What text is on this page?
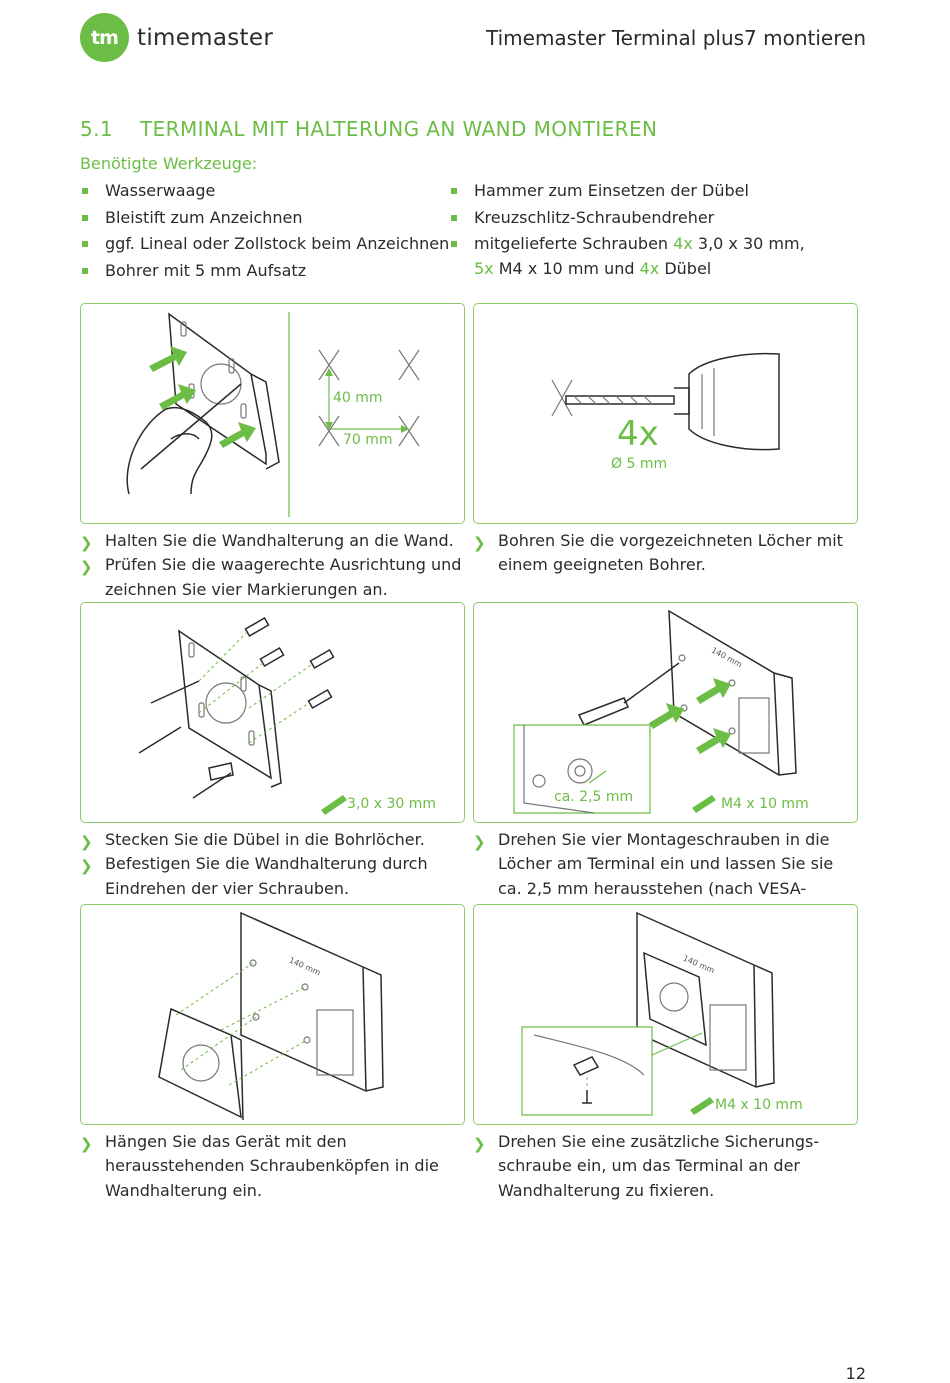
tm timemaster	Timemaster Terminal plus7 montieren
5.1 TERMINAL MIT HALTERUNG AN WAND MONTIEREN
Benötigte Werkzeuge:
Wasserwaage
Bleistift zum Anzeichnen
ggf. Lineal oder Zollstock beim Anzeichnen
Bohrer mit 5 mm Aufsatz
Hammer zum Einsetzen der Dübel
Kreuzschlitz-Schraubendreher
mitgelieferte Schrauben 4x 3,0 x 30 mm,
5x M4 x 10 mm und 4x Dübel
40 mm
70 mm	4x
Ø 5 mm
❯ Halten Sie die Wandhalterung an die Wand.
❯ Prüfen Sie die waagerechte Ausrichtung und zeichnen Sie vier Markierungen an.
❯ Bohren Sie die vorgezeichneten Löcher mit einem geeigneten Bohrer.
3,0 x 30 mm	ca. 2,5 mm	M4 x 10 mm
140 mm
❯ Stecken Sie die Dübel in die Bohrlöcher.
❯ Befestigen Sie die Wandhalterung durch Eindrehen der vier Schrauben.
❯ Drehen Sie vier Montageschrauben in die Löcher am Terminal ein und lassen Sie sie ca. 2,5 mm herausstehen (nach VESA-
140 mm
M4 x 10 mm
140 mm
❯ Hängen Sie das Gerät mit den herausstehenden Schraubenköpfen in die Wandhalterung ein.
❯ Drehen Sie eine zusätzliche Sicherungs-schraube ein, um das Terminal an der Wandhalterung zu fixieren.
12
